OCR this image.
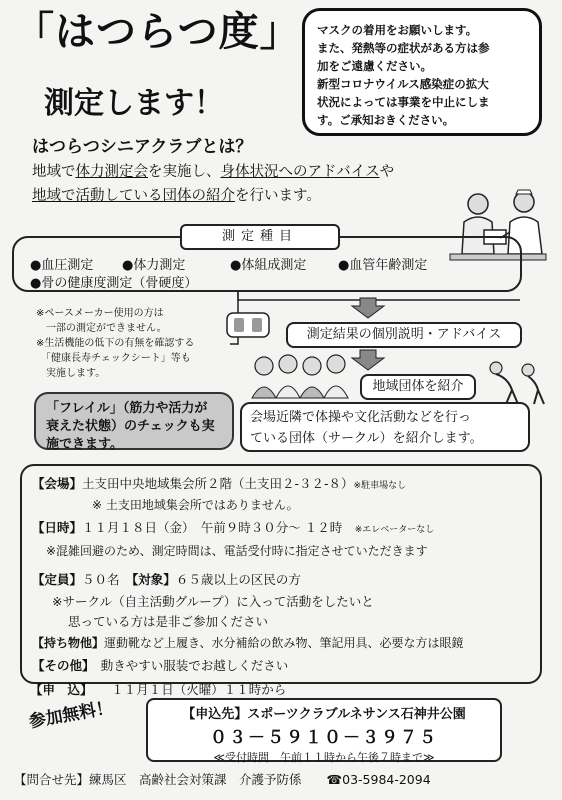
「はつらつ度」
測定します！
マスクの着用をお願いします。
また、発熱等の症状がある方は参
加をご遠慮ください。
新型コロナウイルス感染症の拡大
状況によっては事業を中止にしま
す。ご承知おきください。
はつらつシニアクラブとは？
地域で体力測定会を実施し、身体状況へのアドバイスや
地域で活動している団体の紹介を行います。
測定種目
●血圧測定 ●体力測定	●体組成測定 ●血管年齢測定
●骨の健康度測定（骨硬度）
※ペースメーカー使用の方は
　一部の測定ができません。
※生活機能の低下の有無を確認する
　「健康長寿チェックシート」等も
　実施します。
「フレイル」（筋力や活力が
衰えた状態）のチェックも実
施できます。
測定結果の個別説明・アドバイス
地域団体を紹介
会場近隣で体操や文化活動などを行っ
ている団体（サークル）を紹介します。
【会場】土支田中央地域集会所２階（土支田２-３２-８）※駐車場なし
※ 土支田地域集会所ではありません。
【日時】１１月１８日（金）　午前９時３０分～ １２時　 ※エレベーターなし
※混雑回避のため、測定時間は、電話受付時に指定させていただきます
【定員】５０名　 【対象】６５歳以上の区民の方
※サークル（自主活動グループ）に入って活動をしたいと
思っている方は是非ご参加ください
【持ち物他】運動靴など上履き、水分補給の飲み物、筆記用具、必要な方は眼鏡
【その他】　 動きやすい服装でお越しください
【申　込】　　 １１月１日（火曜）１１時から
参加無料！	【申込先】スポーツクラブルネサンス石神井公園
０３－５９１０－３９７５
≪受付時間　午前１１時から午後７時まで≫
【問合せ先】練馬区　高齢社会対策課　介護予防係　　 ☎03-5984-2094
